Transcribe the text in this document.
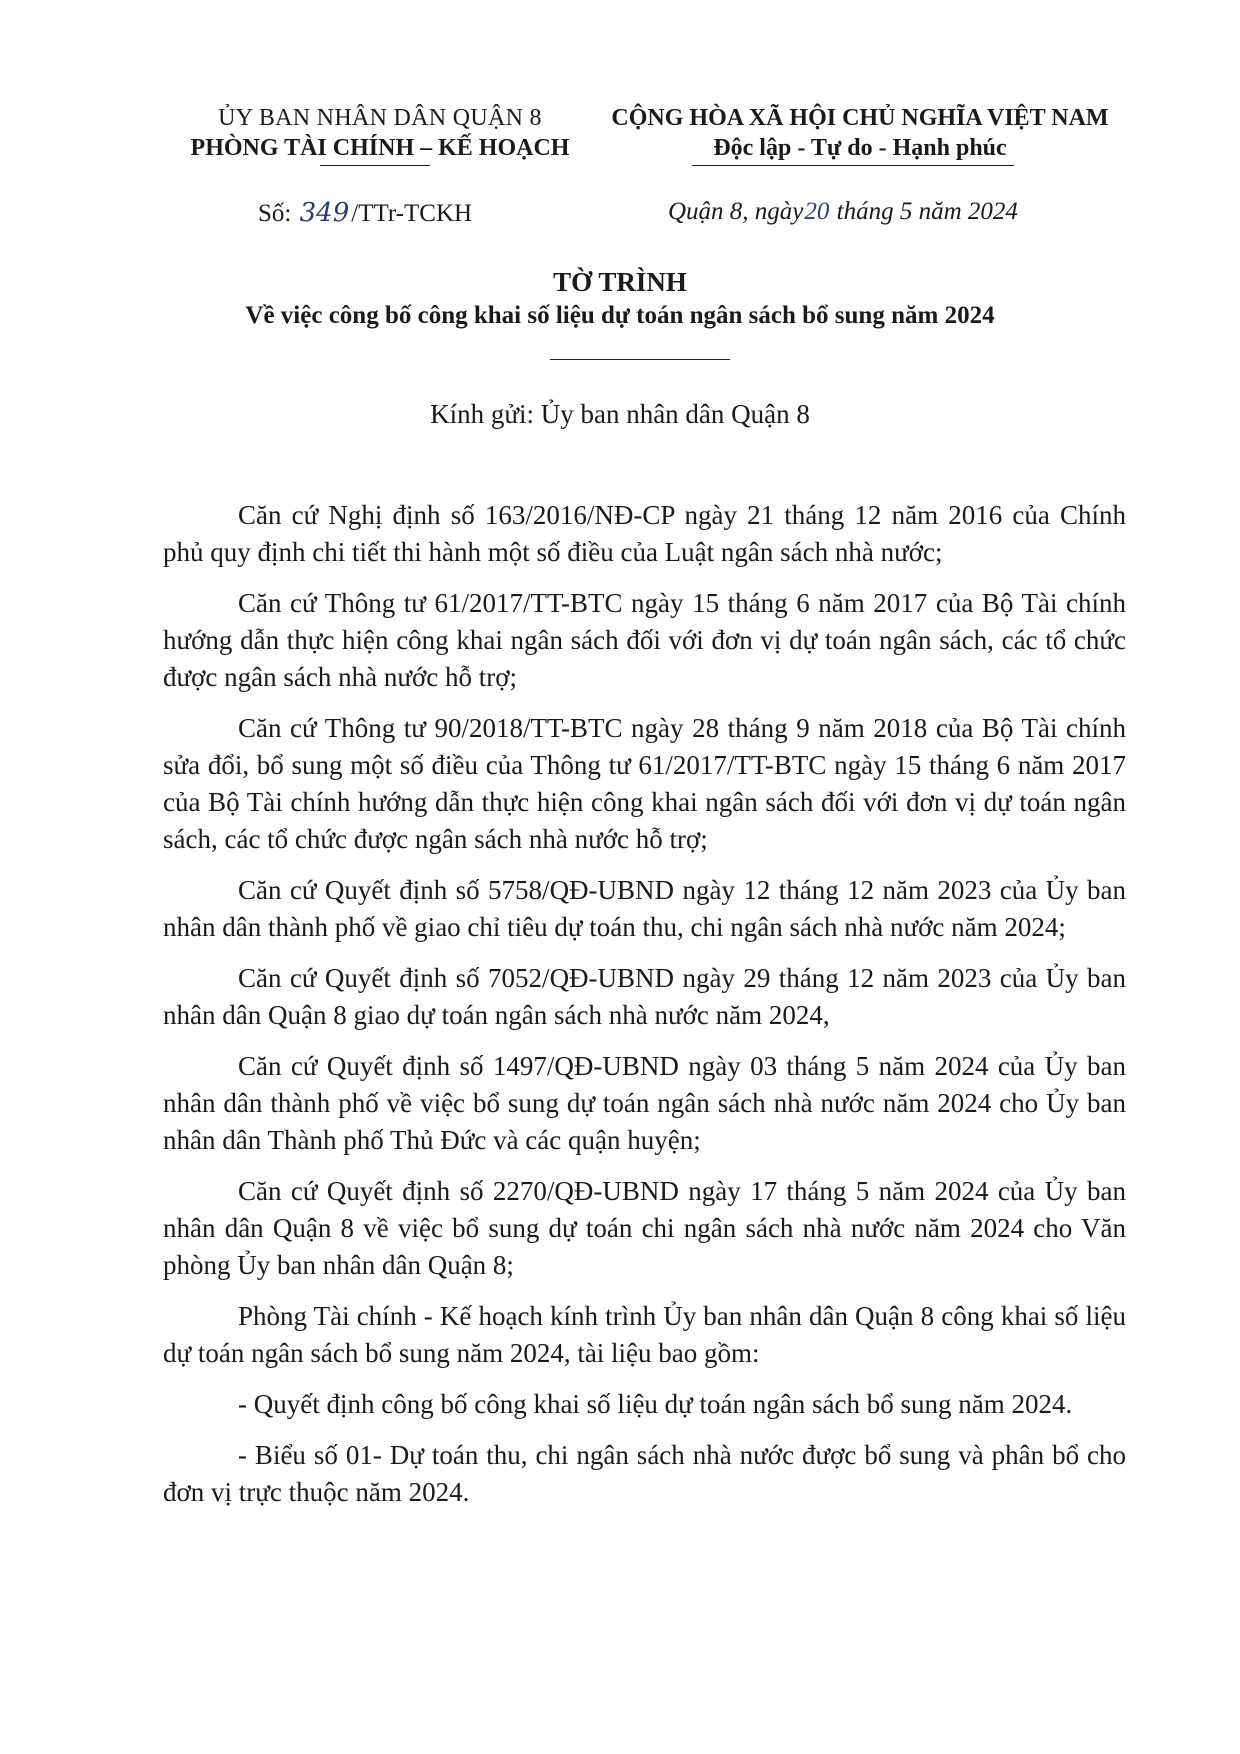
ỦY BAN NHÂN DÂN QUẬN 8
PHÒNG TÀI CHÍNH – KẾ HOẠCH
CỘNG HÒA XÃ HỘI CHỦ NGHĨA VIỆT NAM
Độc lập - Tự do - Hạnh phúc
Số: 349/TTr-TCKH	Quận 8, ngày20 tháng 5 năm 2024
TỜ TRÌNH
Về việc công bố công khai số liệu dự toán ngân sách bổ sung năm 2024
Kính gửi: Ủy ban nhân dân Quận 8

Căn cứ Nghị định số 163/2016/NĐ-CP ngày 21 tháng 12 năm 2016 của Chính phủ quy định chi tiết thi hành một số điều của Luật ngân sách nhà nước;

Căn cứ Thông tư 61/2017/TT-BTC ngày 15 tháng 6 năm 2017 của Bộ Tài chính hướng dẫn thực hiện công khai ngân sách đối với đơn vị dự toán ngân sách, các tổ chức được ngân sách nhà nước hỗ trợ;

Căn cứ Thông tư 90/2018/TT-BTC ngày 28 tháng 9 năm 2018 của Bộ Tài chính sửa đổi, bổ sung một số điều của Thông tư 61/2017/TT-BTC ngày 15 tháng 6 năm 2017 của Bộ Tài chính hướng dẫn thực hiện công khai ngân sách đối với đơn vị dự toán ngân sách, các tổ chức được ngân sách nhà nước hỗ trợ;

Căn cứ Quyết định số 5758/QĐ-UBND ngày 12 tháng 12 năm 2023 của Ủy ban nhân dân thành phố về giao chỉ tiêu dự toán thu, chi ngân sách nhà nước năm 2024;

Căn cứ Quyết định số 7052/QĐ-UBND ngày 29 tháng 12 năm 2023 của Ủy ban nhân dân Quận 8 giao dự toán ngân sách nhà nước năm 2024,

Căn cứ Quyết định số 1497/QĐ-UBND ngày 03 tháng 5 năm 2024 của Ủy ban nhân dân thành phố về việc bổ sung dự toán ngân sách nhà nước năm 2024 cho Ủy ban nhân dân Thành phố Thủ Đức và các quận huyện;

Căn cứ Quyết định số 2270/QĐ-UBND ngày 17 tháng 5 năm 2024 của Ủy ban nhân dân Quận 8 về việc bổ sung dự toán chi ngân sách nhà nước năm 2024 cho Văn phòng Ủy ban nhân dân Quận 8;

Phòng Tài chính - Kế hoạch kính trình Ủy ban nhân dân Quận 8 công khai số liệu dự toán ngân sách bổ sung năm 2024, tài liệu bao gồm:

- Quyết định công bố công khai số liệu dự toán ngân sách bổ sung năm 2024.

- Biểu số 01- Dự toán thu, chi ngân sách nhà nước được bổ sung và phân bổ cho đơn vị trực thuộc năm 2024.
